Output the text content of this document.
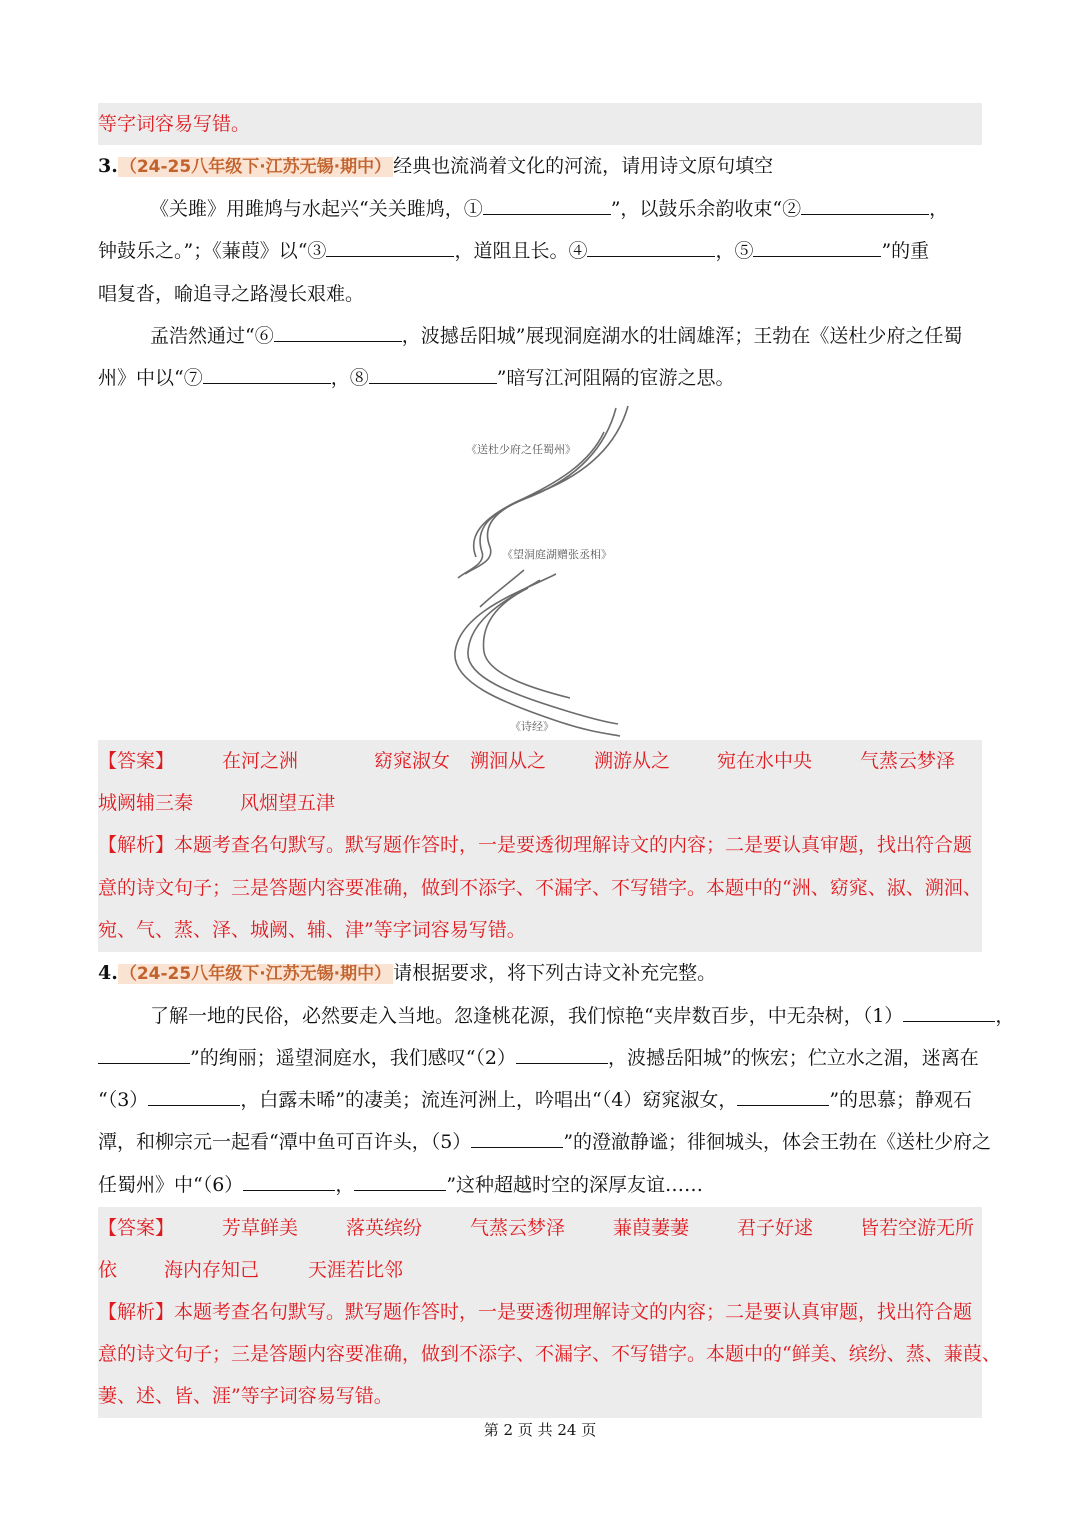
等字词容易写错。
3. （24-25八年级下·江苏无锡·期中） 经典也流淌着文化的河流，请用诗文原句填空
《关雎》用雎鸠与水起兴“关关雎鸠，①	”，以鼓乐余韵收束“②	，
钟鼓乐之。”；《蒹葭》以“③	，道阻且长。④	，⑤	”的重
唱复沓，喻追寻之路漫长艰难。
孟浩然通过“⑥	，波撼岳阳城”展现洞庭湖水的壮阔雄浑；王勃在《送杜少府之任蜀
州》中以“⑦	，⑧	”暗写江河阻隔的宦游之思。
《送杜少府之任蜀州》
《望洞庭湖赠张丞相》
《诗经》
【答案】	在河之洲	窈窕淑女 溯洄从之	溯游从之 宛在水中央	气蒸云梦泽
城阙辅三秦 风烟望五津
【解析】本题考查名句默写。默写题作答时，一是要透彻理解诗文的内容；二是要认真审题，找出符合题
意的诗文句子；三是答题内容要准确，做到不添字、不漏字、不写错字。本题中的“洲、窈窕、淑、溯洄、
宛、气、蒸、泽、城阙、辅、津”等字词容易写错。
4. （24-25八年级下·江苏无锡·期中） 请根据要求，将下列古诗文补充完整。
了解一地的民俗，必然要走入当地。忽逢桃花源，我们惊艳“夹岸数百步，中无杂树，（1）	，
”的绚丽；遥望洞庭水，我们感叹“（2）	，波撼岳阳城”的恢宏；伫立水之湄，迷离在
“（3）	，白露未晞”的凄美；流连河洲上，吟唱出“（4）窈窕淑女，	”的思慕；静观石
潭，和柳宗元一起看“潭中鱼可百许头，（5）	”的澄澈静谧；徘徊城头，体会王勃在《送杜少府之
任蜀州》中“（6）	，	”这种超越时空的深厚友谊……
【答案】	芳草鲜美	落英缤纷	气蒸云梦泽	蒹葭萋萋	君子好逑 皆若空游无所
依 海内存知己	天涯若比邻
【解析】本题考查名句默写。默写题作答时，一是要透彻理解诗文的内容；二是要认真审题，找出符合题
意的诗文句子；三是答题内容要准确，做到不添字、不漏字、不写错字。本题中的“鲜美、缤纷、蒸、蒹葭、
萋、述、皆、涯”等字词容易写错。
第 2 页 共 24 页
